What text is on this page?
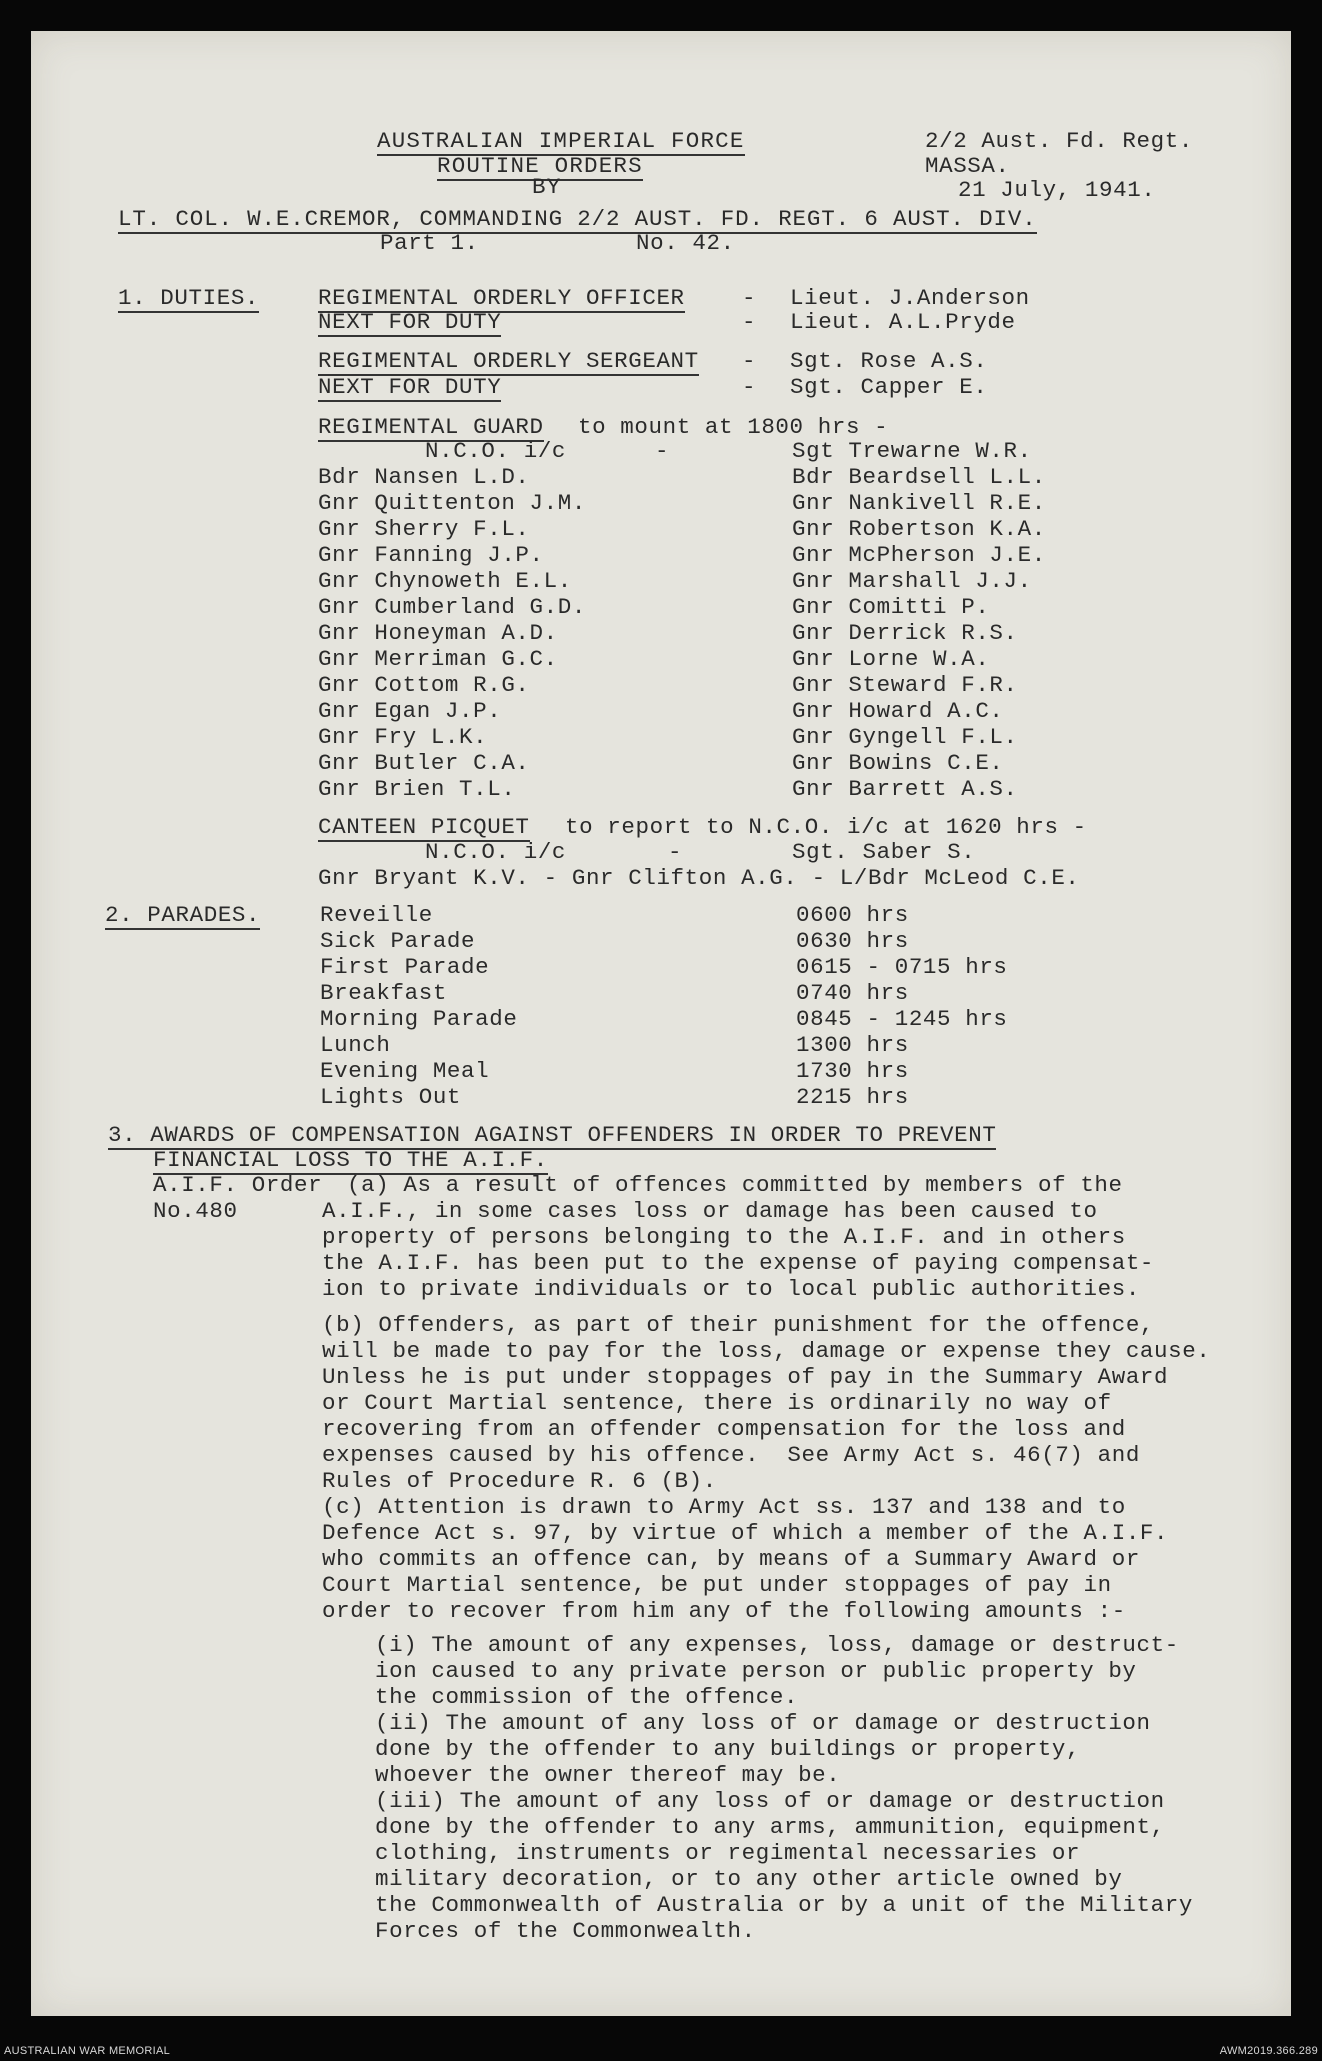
AUSTRALIAN IMPERIAL FORCE
ROUTINE ORDERS
BY
LT. COL. W.E.CREMOR, COMMANDING 2/2 AUST. FD. REGT. 6 AUST. DIV.
Part 1.	No. 42.
2/2 Aust. Fd. Regt.
MASSA.
21 July, 1941.
1. DUTIES.	REGIMENTAL ORDERLY OFFICER	- Lieut. J.Anderson
NEXT FOR DUTY	- Lieut. A.L.Pryde
REGIMENTAL ORDERLY SERGEANT - Sgt. Rose A.S.
NEXT FOR DUTY	- Sgt. Capper E.
REGIMENTAL GUARD to mount at 1800 hrs -
N.C.O. i/c	-	Sgt Trewarne W.R.
Bdr Nansen L.D.	Bdr Beardsell L.L.
Gnr Quittenton J.M.	Gnr Nankivell R.E.
Gnr Sherry F.L.	Gnr Robertson K.A.
Gnr Fanning J.P.	Gnr McPherson J.E.
Gnr Chynoweth E.L.	Gnr Marshall J.J.
Gnr Cumberland G.D.	Gnr Comitti P.
Gnr Honeyman A.D.	Gnr Derrick R.S.
Gnr Merriman G.C.	Gnr Lorne W.A.
Gnr Cottom R.G.	Gnr Steward F.R.
Gnr Egan J.P.	Gnr Howard A.C.
Gnr Fry L.K.	Gnr Gyngell F.L.
Gnr Butler C.A.	Gnr Bowins C.E.
Gnr Brien T.L.	Gnr Barrett A.S.
CANTEEN PICQUET to report to N.C.O. i/c at 1620 hrs -
N.C.O. i/c	-	Sgt. Saber S.
Gnr Bryant K.V. - Gnr Clifton A.G. - L/Bdr McLeod C.E.
2. PARADES.	Reveille	0600 hrs
Sick Parade	0630 hrs
First Parade	0615 - 0715 hrs
Breakfast	0740 hrs
Morning Parade	0845 - 1245 hrs
Lunch	1300 hrs
Evening Meal	1730 hrs
Lights Out	2215 hrs
3. AWARDS OF COMPENSATION AGAINST OFFENDERS IN ORDER TO PREVENT
FINANCIAL LOSS TO THE A.I.F.
A.I.F. Order
No.480
(a) As a result of offences committed by members of the
A.I.F., in some cases loss or damage has been caused to
property of persons belonging to the A.I.F. and in others
the A.I.F. has been put to the expense of paying compensat-
ion to private individuals or to local public authorities.
(b) Offenders, as part of their punishment for the offence,
will be made to pay for the loss, damage or expense they cause.
Unless he is put under stoppages of pay in the Summary Award
or Court Martial sentence, there is ordinarily no way of
recovering from an offender compensation for the loss and
expenses caused by his offence.  See Army Act s. 46(7) and
Rules of Procedure R. 6 (B).
(c) Attention is drawn to Army Act ss. 137 and 138 and to
Defence Act s. 97, by virtue of which a member of the A.I.F.
who commits an offence can, by means of a Summary Award or
Court Martial sentence, be put under stoppages of pay in
order to recover from him any of the following amounts :-
(i) The amount of any expenses, loss, damage or destruct-
ion caused to any private person or public property by
the commission of the offence.
(ii) The amount of any loss of or damage or destruction
done by the offender to any buildings or property,
whoever the owner thereof may be.
(iii) The amount of any loss of or damage or destruction
done by the offender to any arms, ammunition, equipment,
clothing, instruments or regimental necessaries or
military decoration, or to any other article owned by
the Commonwealth of Australia or by a unit of the Military
Forces of the Commonwealth.
AUSTRALIAN WAR MEMORIAL	AWM2019.366.289
